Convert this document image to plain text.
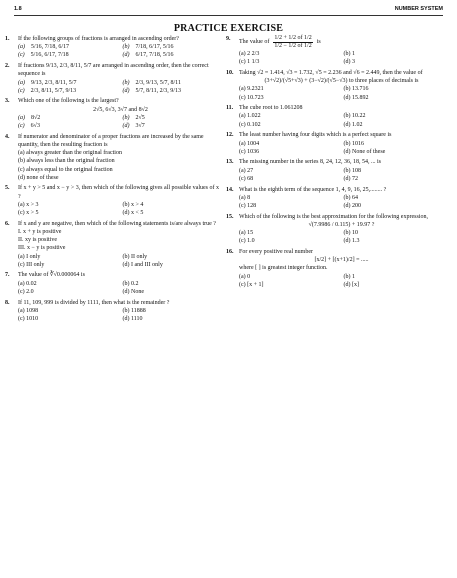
1.8	NUMBER SYSTEM
PRACTICE EXERCISE
1.	If the following groups of fractions is arranged in ascending order?
(a) 5/16, 7/18, 6/17	(b) 7/18, 6/17, 5/16
(c) 5/16, 6/17, 7/18	(d) 6/17, 7/18, 5/16
2.	If fractions 9/13, 2/3, 8/11, 5/7 are arranged in ascending order, then the correct sequence is
(a) 9/13, 2/3, 8/11, 5/7	(b) 2/3, 9/13, 5/7, 8/11
(c) 2/3, 8/11, 5/7, 9/13	(d) 5/7, 8/11, 2/3, 9/13
3.	Which one of the following is the largest?
2√5, 6√3, 3√7 and 8√2
(a) 8√2	(b) 2√5
(c) 6√3	(d) 3√7
4.	If numerator and denominator of a proper fractions are increased by the same quantity, then the resulting fraction is
(a) always greater than the original fraction
(b) always less than the original fraction
(c) always equal to the original fraction
(d) none of these
5.	If x + y > 5 and x − y > 3, then which of the following gives all possible values of x ?
(a) x > 3	(b) x > 4
(c) x > 5	(d) x < 5
6.	If x and y are negative, then which of the following statements is/are always true ?
I. x + y is positive
II. xy is positive
III. x − y is positive
(a) I only	(b) II only
(c) III only	(d) I and III only
7.	The value of ∛√0.000064 is
(a) 0.02	(b) 0.2
(c) 2.0	(d) None
8.	If 11, 109, 999 is divided by 1111, then what is the remainder ?
(a) 1098	(b) 11888
(c) 1010	(d) 1110
9.
The value of $\frac{1/2 + 1/2 of 1/2}{1/2 - 1/2 of 1/2}$ is
(a) 2 2/3	(b) 1
(c) 1 1/3	(d) 3
10. Taking √2 = 1.414, √3 = 1.732, √5 = 2.236 and √6 = 2.449, then the value of
(3+√2)/(√5+√3) + (3−√2)/(√5−√3) to three places of decimals is
(a) 9.2321	(b) 13.716
(c) 10.723	(d) 15.892
11. The cube root to 1.061208
(a) 1.022	(b) 10.22
(c) 0.102	(d) 1.02
12. The least number having four digits which is a perfect square is
(a) 1004	(b) 1016
(c) 1036	(d) None of these
13. The missing number in the series 8, 24, 12, 36, 18, 54, ... is
(a) 27	(b) 108
(c) 68	(d) 72
14. What is the eighth term of the sequence 1, 4, 9, 16, 25,........ ?
(a) 8	(b) 64
(c) 128	(d) 200
15. Which of the following is the best approximation for the following expression,
√(7.9986 / 0.115) + 19.97 ?
(a) 15	(b) 10
(c) 1.0	(d) 1.3
16. For every positive real number
[x/2] + [(x+1)/2] = .....
where [ ] is greatest integer function.
(a) 0	(b) 1
(c) [x + 1]	(d) [x]
